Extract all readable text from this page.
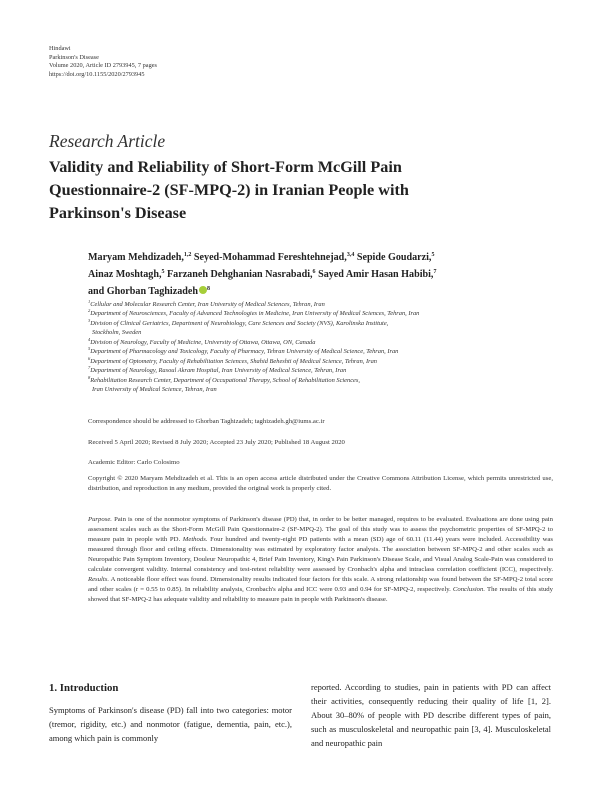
Hindawi
Parkinson's Disease
Volume 2020, Article ID 2793945, 7 pages
https://doi.org/10.1155/2020/2793945
Research Article
Validity and Reliability of Short-Form McGill Pain
Questionnaire-2 (SF-MPQ-2) in Iranian People with
Parkinson's Disease
Maryam Mehdizadeh,$^{1,2}$ Seyed-Mohammad Fereshtehnejad,$^{3,4}$ Sepide Goudarzi,$^5$
Ainaz Moshtagh,$^5$ Farzaneh Dehghanian Nasrabadi,$^6$ Sayed Amir Hasan Habibi,$^7$
and Ghorban Taghizadeh $^8$
$^1$Cellular and Molecular Research Center, Iran University of Medical Sciences, Tehran, Iran
$^2$Department of Neurosciences, Faculty of Advanced Technologies in Medicine, Iran University of Medical Sciences, Tehran, Iran
$^3$Division of Clinical Geriatrics, Department of Neurobiology, Care Sciences and Society (NVS), Karolinska Institute,
Stockholm, Sweden
$^4$Division of Neurology, Faculty of Medicine, University of Ottawa, Ottawa, ON, Canada
$^5$Department of Pharmacology and Toxicology, Faculty of Pharmacy, Tehran University of Medical Science, Tehran, Iran
$^6$Department of Optometry, Faculty of Rehabilitation Sciences, Shahid Beheshti of Medical Science, Tehran, Iran
$^7$Department of Neurology, Rasoul Akram Hospital, Iran University of Medical Science, Tehran, Iran
$^8$Rehabilitation Research Center, Department of Occupational Therapy, School of Rehabilitation Sciences,
Iran University of Medical Science, Tehran, Iran
Correspondence should be addressed to Ghorban Taghizadeh; taghizadeh.gh@iums.ac.ir
Received 5 April 2020; Revised 8 July 2020; Accepted 23 July 2020; Published 18 August 2020
Academic Editor: Carlo Colosimo
Copyright © 2020 Maryam Mehdizadeh et al. This is an open access article distributed under the Creative Commons Attribution License, which permits unrestricted use, distribution, and reproduction in any medium, provided the original work is properly cited.
Purpose. Pain is one of the nonmotor symptoms of Parkinson's disease (PD) that, in order to be better managed, requires to be evaluated. Evaluations are done using pain assessment scales such as the Short-Form McGill Pain Questionnaire-2 (SF-MPQ-2). The goal of this study was to assess the psychometric properties of SF-MPQ-2 to measure pain in people with PD. Methods. Four hundred and twenty-eight PD patients with a mean (SD) age of 60.11 (11.44) years were included. Accessibility was measured through floor and ceiling effects. Dimensionality was estimated by exploratory factor analysis. The association between SF-MPQ-2 and other scales such as Neuropathic Pain Symptom Inventory, Douleur Neuropathic 4, Brief Pain Inventory, King's Pain Parkinson's Disease Scale, and Visual Analog Scale-Pain was considered to calculate convergent validity. Internal consistency and test-retest reliability were assessed by Cronbach's alpha and intraclass correlation coefficient (ICC), respectively. Results. A noticeable floor effect was found. Dimensionality results indicated four factors for this scale. A strong relationship was found between the SF-MPQ-2 total score and other scales (r = 0.55 to 0.85). In reliability analysis, Cronbach's alpha and ICC were 0.93 and 0.94 for SF-MPQ-2, respectively. Conclusion. The results of this study showed that SF-MPQ-2 has adequate validity and reliability to measure pain in people with Parkinson's disease.
1. Introduction
Symptoms of Parkinson's disease (PD) fall into two categories: motor (tremor, rigidity, etc.) and nonmotor (fatigue, dementia, pain, etc.), among which pain is commonly
reported. According to studies, pain in patients with PD can affect their activities, consequently reducing their quality of life [1, 2]. About 30–80% of people with PD describe different types of pain, such as musculoskeletal and neuropathic pain [3, 4]. Musculoskeletal and neuropathic pain
